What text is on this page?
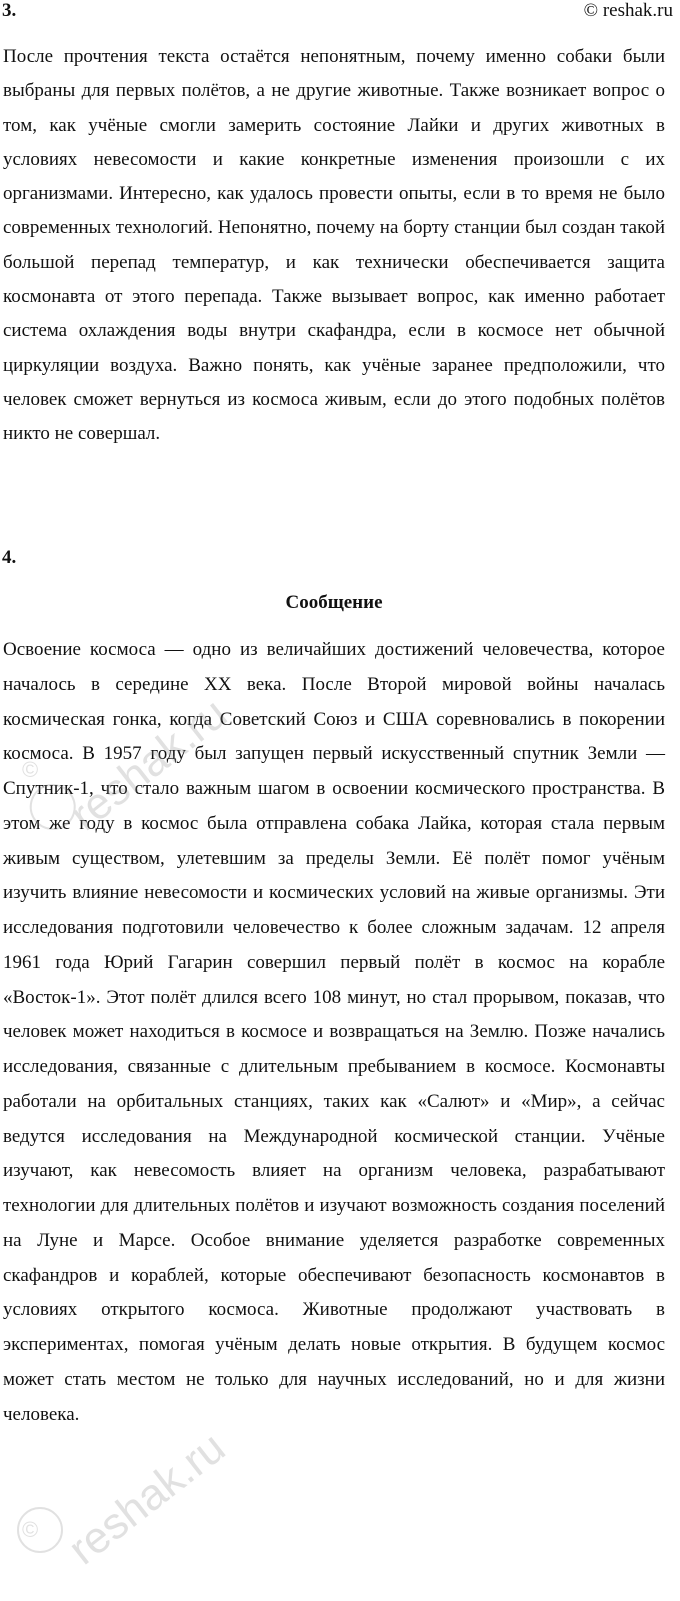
3.	© reshak.ru

После прочтения текста остаётся непонятным, почему именно собаки были выбраны для первых полётов, а не другие животные. Также возникает вопрос о том, как учёные смогли замерить состояние Лайки и других животных в условиях невесомости и какие конкретные изменения произошли с их организмами. Интересно, как удалось провести опыты, если в то время не было современных технологий. Непонятно, почему на борту станции был создан такой большой перепад температур, и как технически обеспечивается защита космонавта от этого перепада. Также вызывает вопрос, как именно работает система охлаждения воды внутри скафандра, если в космосе нет обычной циркуляции воздуха. Важно понять, как учёные заранее предположили, что человек сможет вернуться из космоса живым, если до этого подобных полётов никто не совершал.

4.
Сообщение

Освоение космоса — одно из величайших достижений человечества, которое началось в середине XX века. После Второй мировой войны началась космическая гонка, когда Советский Союз и США соревновались в покорении космоса. В 1957 году был запущен первый искусственный спутник Земли — Спутник-1, что стало важным шагом в освоении космического пространства. В этом же году в космос была отправлена собака Лайка, которая стала первым живым существом, улетевшим за пределы Земли. Её полёт помог учёным изучить влияние невесомости и космических условий на живые организмы. Эти исследования подготовили человечество к более сложным задачам. 12 апреля 1961 года Юрий Гагарин совершил первый полёт в космос на корабле «Восток-1». Этот полёт длился всего 108 минут, но стал прорывом, показав, что человек может находиться в космосе и возвращаться на Землю. Позже начались исследования, связанные с длительным пребыванием в космосе. Космонавты работали на орбитальных станциях, таких как «Салют» и «Мир», а сейчас ведутся исследования на Международной космической станции. Учёные изучают, как невесомость влияет на организм человека, разрабатывают технологии для длительных полётов и изучают возможность создания поселений на Луне и Марсе. Особое внимание уделяется разработке современных скафандров и кораблей, которые обеспечивают безопасность космонавтов в условиях открытого космоса. Животные продолжают участвовать в экспериментах, помогая учёным делать новые открытия. В будущем космос может стать местом не только для научных исследований, но и для жизни человека.

© reshak.ru
© reshak.ru
